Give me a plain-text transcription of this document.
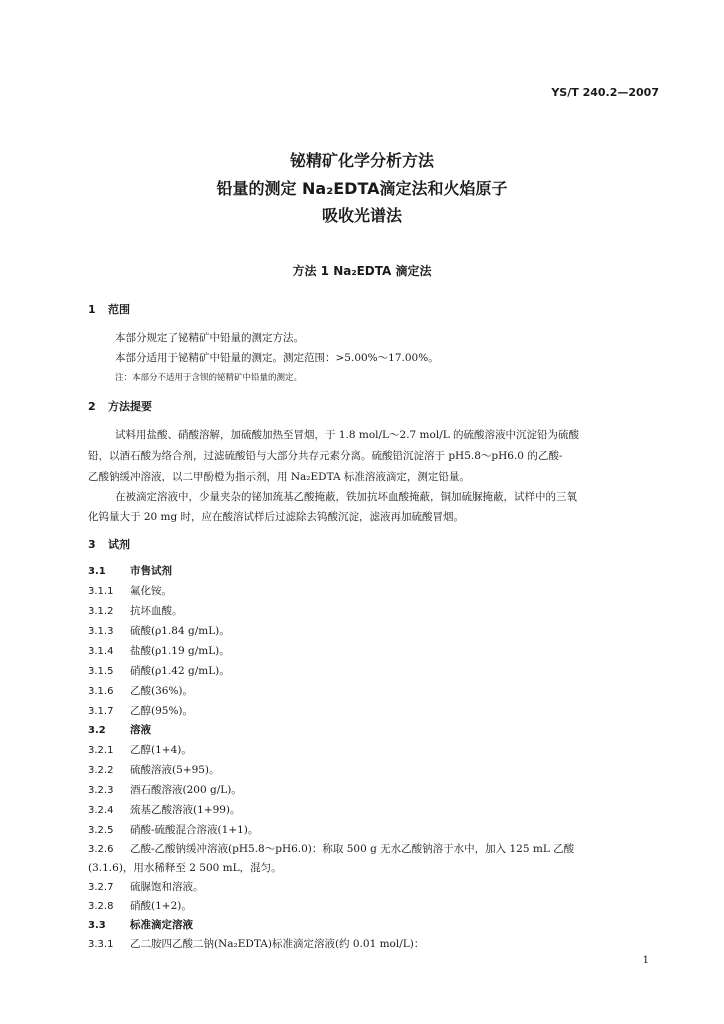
YS/T 240.2—2007
铋精矿化学分析方法
铅量的测定 Na₂EDTA滴定法和火焰原子
吸收光谱法
方法 1 Na₂EDTA 滴定法
1 范围
本部分规定了铋精矿中铅量的测定方法。
本部分适用于铋精矿中铅量的测定。测定范围：>5.00%～17.00%。
注：本部分不适用于含钡的铋精矿中铅量的测定。
2 方法提要
试料用盐酸、硝酸溶解，加硫酸加热至冒烟，于 1.8 mol/L～2.7 mol/L 的硫酸溶液中沉淀铅为硫酸
铅，以酒石酸为络合剂，过滤硫酸铅与大部分共存元素分离。硫酸铅沉淀溶于 pH5.8～pH6.0 的乙酸-
乙酸钠缓冲溶液，以二甲酚橙为指示剂，用 Na₂EDTA 标准溶液滴定，测定铅量。
在被滴定溶液中，少量夹杂的铋加巯基乙酸掩蔽，铁加抗坏血酸掩蔽，铜加硫脲掩蔽，试样中的三氧
化钨量大于 20 mg 时，应在酸溶试样后过滤除去钨酸沉淀，滤液再加硫酸冒烟。
3 试剂
3.1 市售试剂
3.1.1 氟化铵。
3.1.2 抗坏血酸。
3.1.3 硫酸(ρ1.84 g/mL)。
3.1.4 盐酸(ρ1.19 g/mL)。
3.1.5 硝酸(ρ1.42 g/mL)。
3.1.6 乙酸(36%)。
3.1.7 乙醇(95%)。
3.2 溶液
3.2.1 乙醇(1+4)。
3.2.2 硫酸溶液(5+95)。
3.2.3 酒石酸溶液(200 g/L)。
3.2.4 巯基乙酸溶液(1+99)。
3.2.5 硝酸-硫酸混合溶液(1+1)。
3.2.6 乙酸-乙酸钠缓冲溶液(pH5.8～pH6.0)：称取 500 g 无水乙酸钠溶于水中，加入 125 mL 乙酸
(3.1.6)，用水稀释至 2 500 mL，混匀。
3.2.7 硫脲饱和溶液。
3.2.8 硝酸(1+2)。
3.3 标准滴定溶液
3.3.1 乙二胺四乙酸二钠(Na₂EDTA)标准滴定溶液(约 0.01 mol/L)：
1
